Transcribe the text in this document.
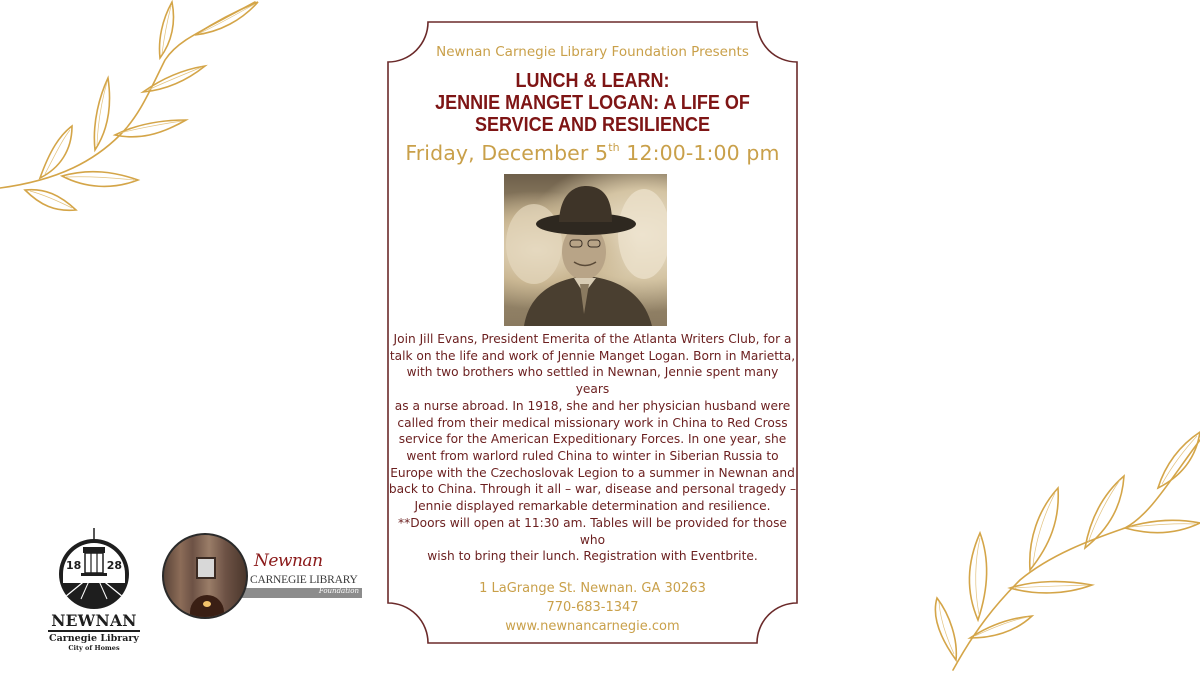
Newnan Carnegie Library Foundation Presents
LUNCH & LEARN:
JENNIE MANGET LOGAN: A LIFE OF
SERVICE AND RESILIENCE
Friday, December 5th 12:00-1:00 pm
Join Jill Evans, President Emerita of the Atlanta Writers Club, for a
talk on the life and work of Jennie Manget Logan. Born in Marietta,
with two brothers who settled in Newnan, Jennie spent many years
as a nurse abroad. In 1918, she and her physician husband were
called from their medical missionary work in China to Red Cross
service for the American Expeditionary Forces. In one year, she
went from warlord ruled China to winter in Siberian Russia to
Europe with the Czechoslovak Legion to a summer in Newnan and
back to China. Through it all – war, disease and personal tragedy –
Jennie displayed remarkable determination and resilience.
**Doors will open at 11:30 am. Tables will be provided for those who
wish to bring their lunch. Registration with Eventbrite.
1 LaGrange St. Newnan. GA 30263
770-683-1347
www.newnancarnegie.com
18 28
NEWNAN
Carnegie Library
City of Homes
Foundation
Newnan
CARNEGIE LIBRARY
